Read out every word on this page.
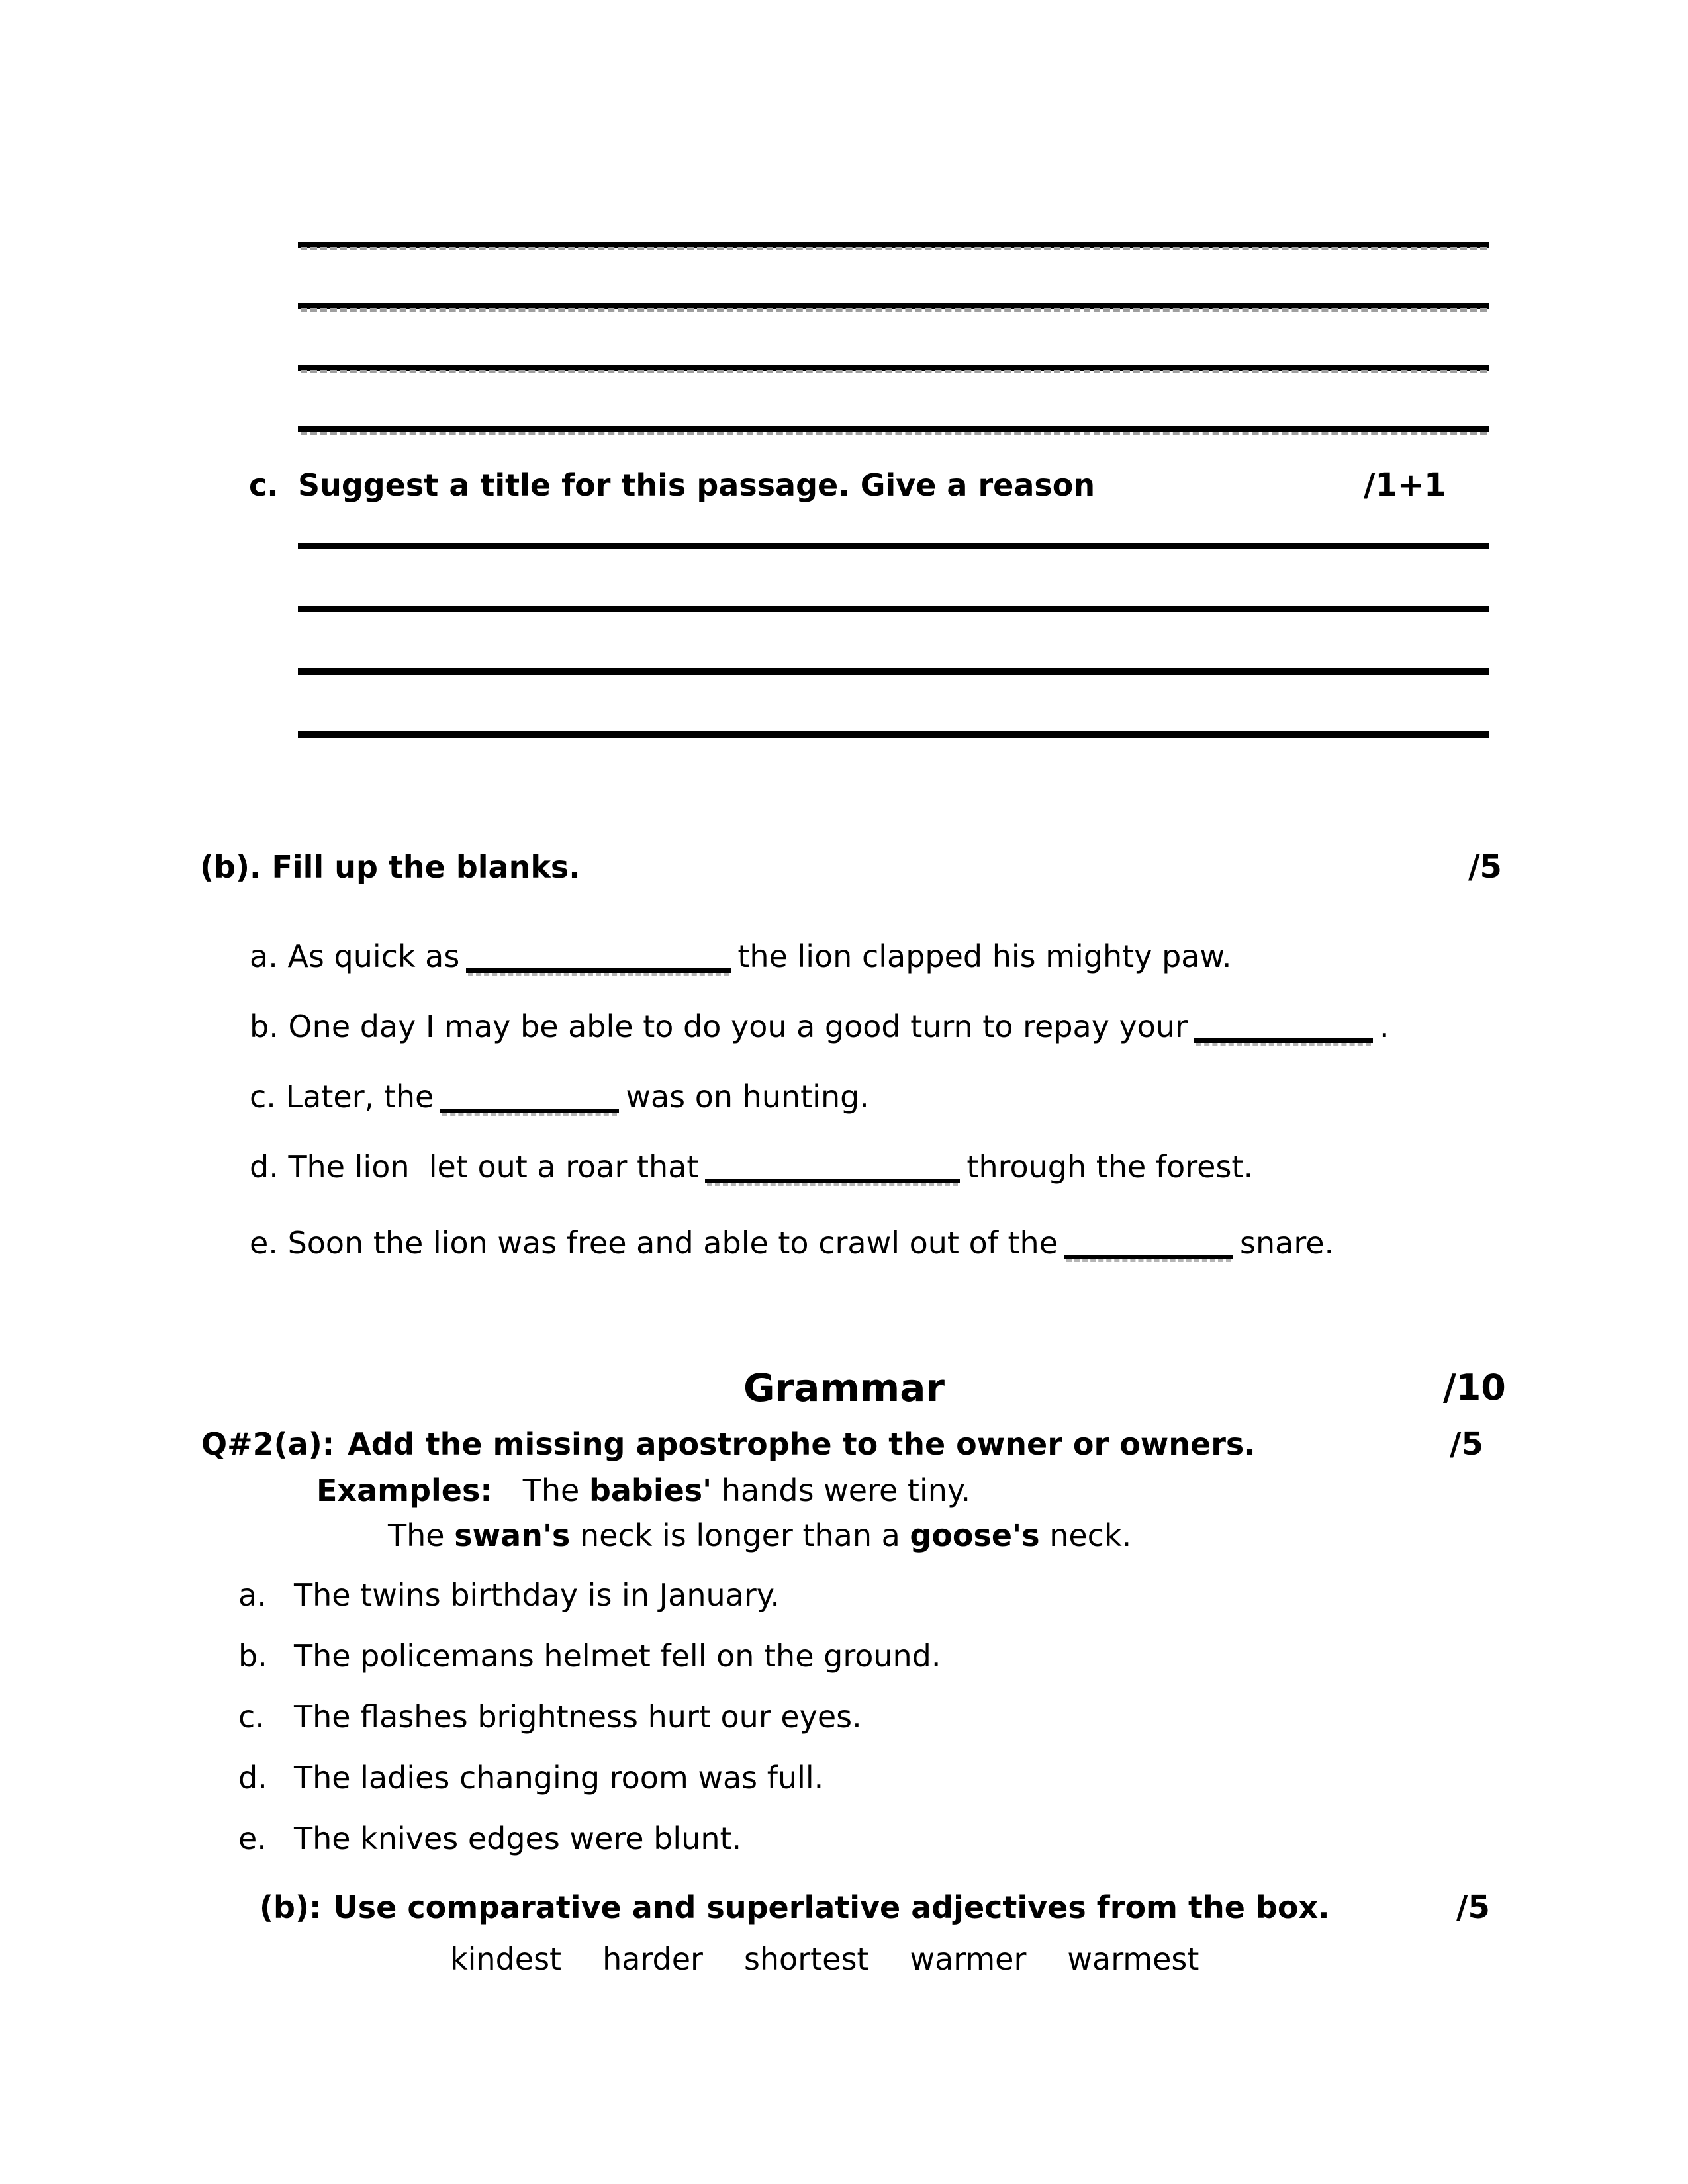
c. Suggest a title for this passage. Give a reason	/1+1
(b). Fill up the blanks.	/5
a. As quick as	the lion clapped his mighty paw.
b. One day I may be able to do you a good turn to repay your	.
c. Later, the	was on hunting.
d. The lion  let out a roar that	through the forest.
e. Soon the lion was free and able to crawl out of the	snare.
Grammar	/10
Q#2(a): Add the missing apostrophe to the owner or owners.	/5
Examples: The babies' hands were tiny.
The swan's neck is longer than a goose's neck.
a. The twins birthday is in January.
b. The policemans helmet fell on the ground.
c. The flashes brightness hurt our eyes.
d. The ladies changing room was full.
e. The knives edges were blunt.
(b): Use comparative and superlative adjectives from the box.	/5
kindest harder shortest warmer warmest
